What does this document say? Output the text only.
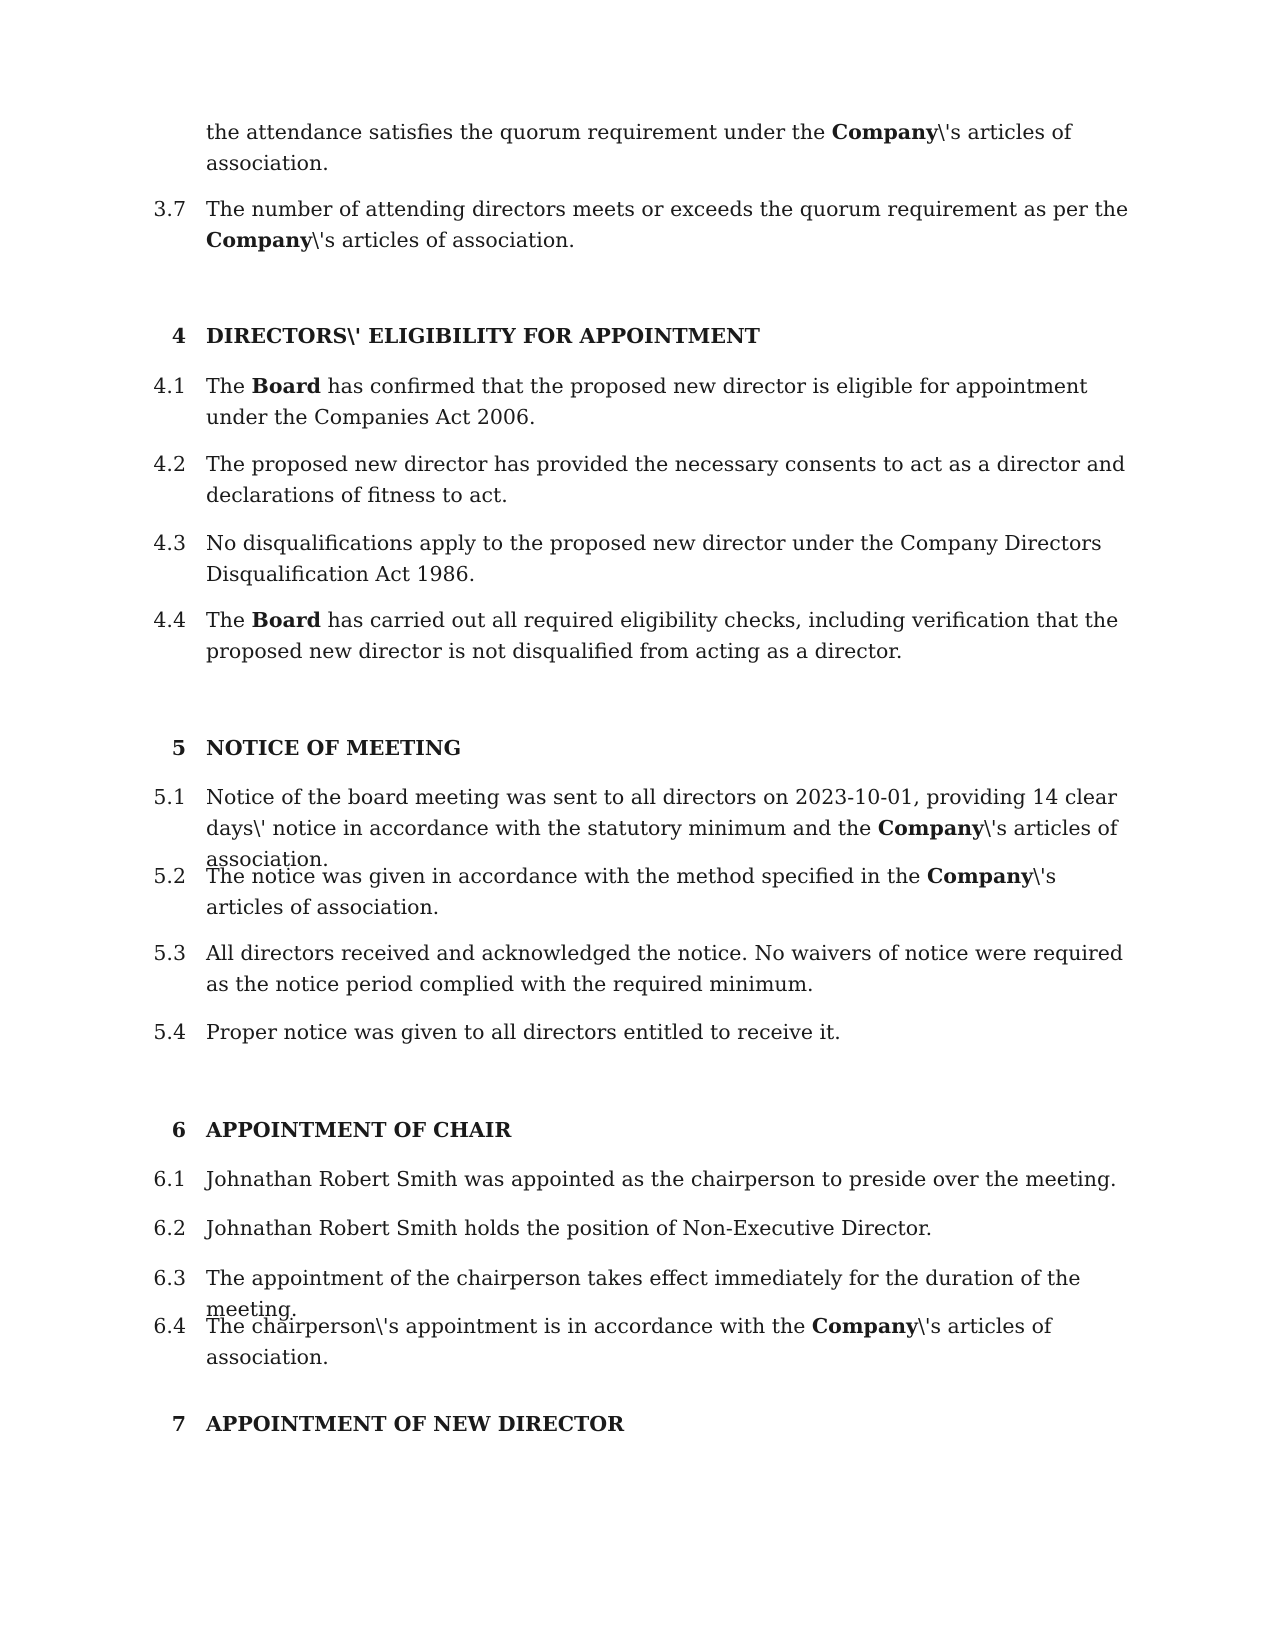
the attendance satisfies the quorum requirement under the Company\'s articles of association.
3.7 The number of attending directors meets or exceeds the quorum requirement as per the Company\'s articles of association.
4 DIRECTORS\' ELIGIBILITY FOR APPOINTMENT
4.1 The Board has confirmed that the proposed new director is eligible for appointment under the Companies Act 2006.
4.2 The proposed new director has provided the necessary consents to act as a director and declarations of fitness to act.
4.3 No disqualifications apply to the proposed new director under the Company Directors Disqualification Act 1986.
4.4 The Board has carried out all required eligibility checks, including verification that the proposed new director is not disqualified from acting as a director.
5 NOTICE OF MEETING
5.1 Notice of the board meeting was sent to all directors on 2023-10-01, providing 14 clear days\' notice in accordance with the statutory minimum and the Company\'s articles of association.
5.2 The notice was given in accordance with the method specified in the Company\'s articles of association.
5.3 All directors received and acknowledged the notice. No waivers of notice were required as the notice period complied with the required minimum.
5.4 Proper notice was given to all directors entitled to receive it.
6 APPOINTMENT OF CHAIR
6.1 Johnathan Robert Smith was appointed as the chairperson to preside over the meeting.
6.2 Johnathan Robert Smith holds the position of Non-Executive Director.
6.3 The appointment of the chairperson takes effect immediately for the duration of the meeting.
6.4 The chairperson\'s appointment is in accordance with the Company\'s articles of association.
7 APPOINTMENT OF NEW DIRECTOR
